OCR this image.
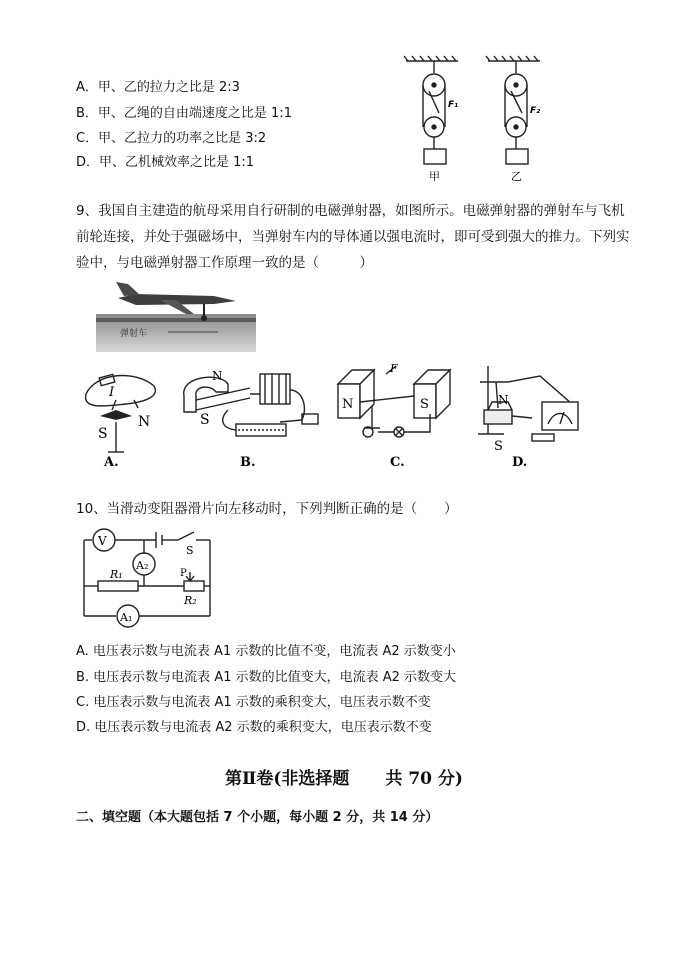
A．甲、乙的拉力之比是 2:3
B．甲、乙绳的自由端速度之比是 1:1
C．甲、乙拉力的功率之比是 3:2
D．甲、乙机械效率之比是 1:1
F₁
F₂
甲	乙
9、我国自主建造的航母采用自行研制的电磁弹射器，如图所示。电磁弹射器的弹射车与飞机前轮连接，并处于强磁场中，当弹射车内的导体通以强电流时，即可受到强大的推力。下列实验中，与电磁弹射器工作原理一致的是（　　　）
弹射车
I
S
N
A.
N
S
B.
N	S
F
C.
N
S
D.
10、当滑动变阻器滑片向左移动时，下列判断正确的是（　　）
V
A₂
A₁
R₁
R₂
P
S
A. 电压表示数与电流表 A1 示数的比值不变，电流表 A2 示数变小
B. 电压表示数与电流表 A1 示数的比值变大，电流表 A2 示数变大
C. 电压表示数与电流表 A1 示数的乘积变大，电压表示数不变
D. 电压表示数与电流表 A2 示数的乘积变大，电压表示数不变
第Ⅱ卷(非选择题 共 70 分)
二、填空题（本大题包括 7 个小题，每小题 2 分，共 14 分）
